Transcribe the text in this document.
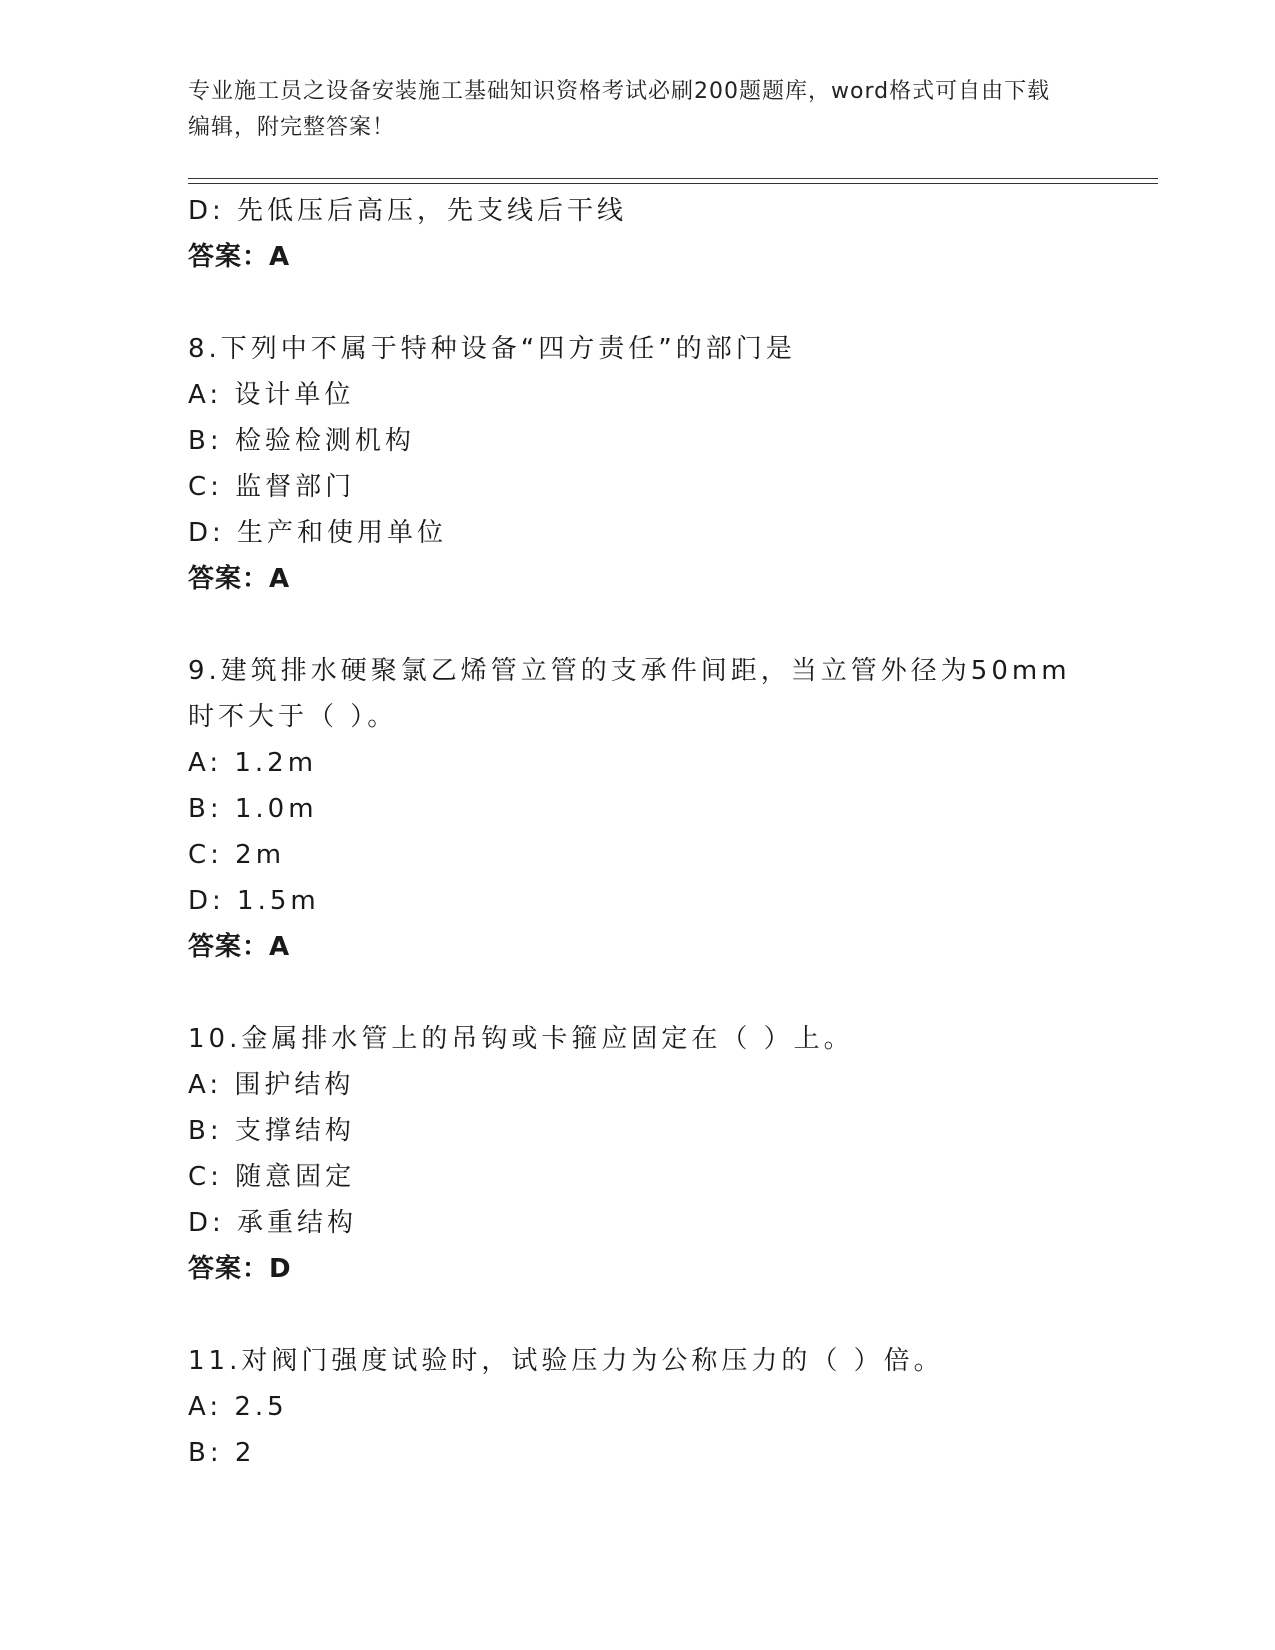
专业施工员之设备安装施工基础知识资格考试必刷200题题库，word格式可自由下载编辑，附完整答案！
D: 先低压后高压，先支线后干线
答案：A
8.下列中不属于特种设备“四方责任”的部门是
A: 设计单位
B: 检验检测机构
C: 监督部门
D: 生产和使用单位
答案：A
9.建筑排水硬聚氯乙烯管立管的支承件间距，当立管外径为50mm时不大于（ ）。
A: 1.2m
B: 1.0m
C: 2m
D: 1.5m
答案：A
10.金属排水管上的吊钩或卡箍应固定在（ ）上。
A: 围护结构
B: 支撑结构
C: 随意固定
D: 承重结构
答案：D
11.对阀门强度试验时，试验压力为公称压力的（ ）倍。
A: 2.5
B: 2
